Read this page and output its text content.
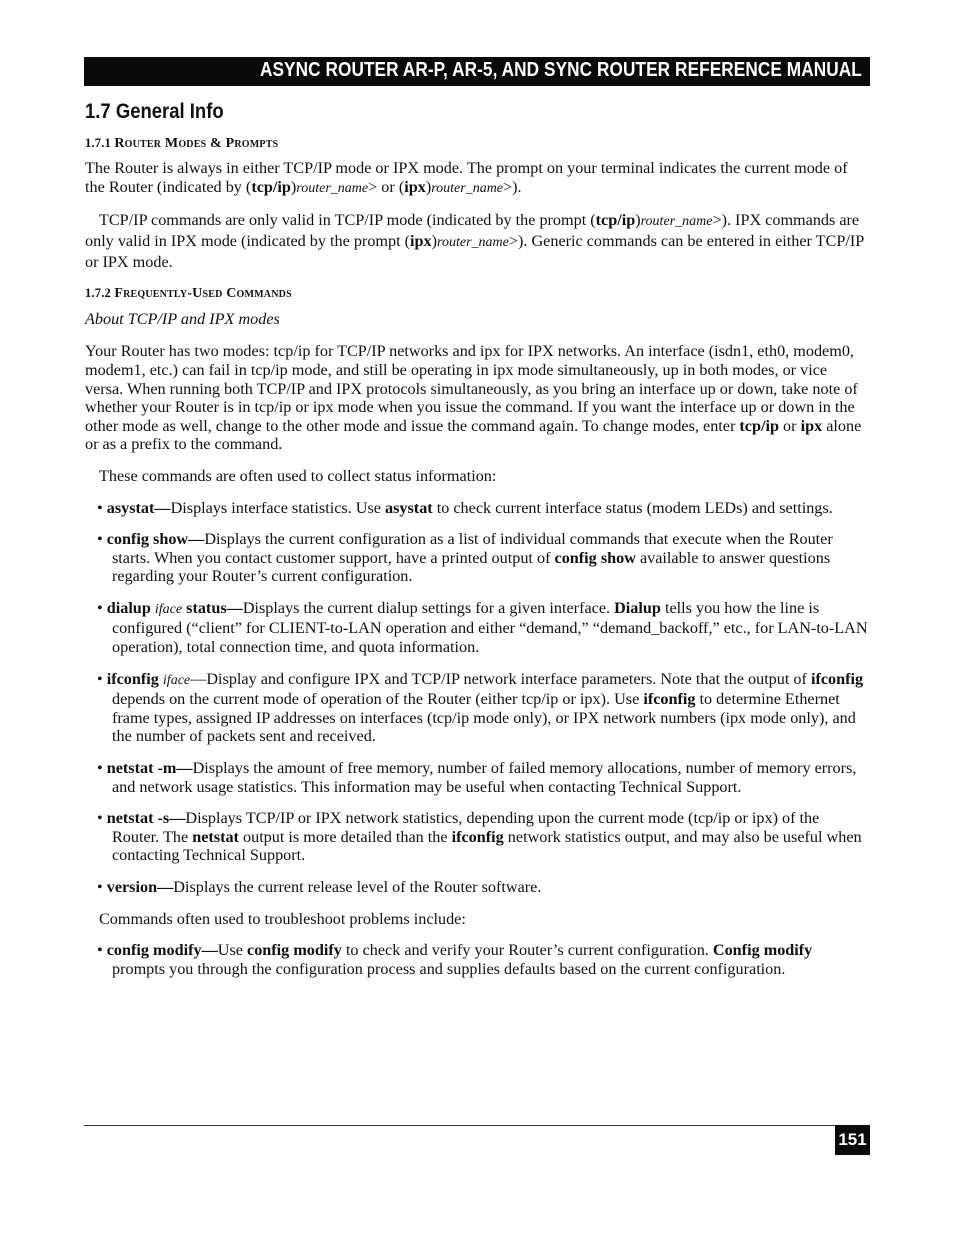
ASYNC ROUTER AR-P, AR-5, AND SYNC ROUTER REFERENCE MANUAL
1.7 General Info
1.7.1 Router Modes & Prompts

The Router is always in either TCP/IP mode or IPX mode. The prompt on your terminal indicates the current mode of the Router (indicated by (tcp/ip)router_name> or (ipx)router_name>).

TCP/IP commands are only valid in TCP/IP mode (indicated by the prompt (tcp/ip)router_name>). IPX commands are only valid in IPX mode (indicated by the prompt (ipx)router_name>). Generic commands can be entered in either TCP/IP or IPX mode.

1.7.2 Frequently-Used Commands

About TCP/IP and IPX modes

Your Router has two modes: tcp/ip for TCP/IP networks and ipx for IPX networks. An interface (isdn1, eth0, modem0, modem1, etc.) can fail in tcp/ip mode, and still be operating in ipx mode simultaneously, up in both modes, or vice versa. When running both TCP/IP and IPX protocols simultaneously, as you bring an interface up or down, take note of whether your Router is in tcp/ip or ipx mode when you issue the command. If you want the interface up or down in the other mode as well, change to the other mode and issue the command again. To change modes, enter tcp/ip or ipx alone or as a prefix to the command.

These commands are often used to collect status information:

• asystat—Displays interface statistics. Use asystat to check current interface status (modem LEDs) and settings.
• config show—Displays the current configuration as a list of individual commands that execute when the Router starts. When you contact customer support, have a printed output of config show available to answer questions regarding your Router’s current configuration.
• dialup iface status—Displays the current dialup settings for a given interface. Dialup tells you how the line is configured (“client” for CLIENT-to-LAN operation and either “demand,” “demand_backoff,” etc., for LAN-to-LAN operation), total connection time, and quota information.
• ifconfig iface—Display and configure IPX and TCP/IP network interface parameters. Note that the output of ifconfig depends on the current mode of operation of the Router (either tcp/ip or ipx). Use ifconfig to determine Ethernet frame types, assigned IP addresses on interfaces (tcp/ip mode only), or IPX network numbers (ipx mode only), and the number of packets sent and received.
• netstat -m—Displays the amount of free memory, number of failed memory allocations, number of memory errors, and network usage statistics. This information may be useful when contacting Technical Support.
• netstat -s—Displays TCP/IP or IPX network statistics, depending upon the current mode (tcp/ip or ipx) of the Router. The netstat output is more detailed than the ifconfig network statistics output, and may also be useful when contacting Technical Support.
• version—Displays the current release level of the Router software.

Commands often used to troubleshoot problems include:

• config modify—Use config modify to check and verify your Router’s current configuration. Config modify prompts you through the configuration process and supplies defaults based on the current configuration.
151
